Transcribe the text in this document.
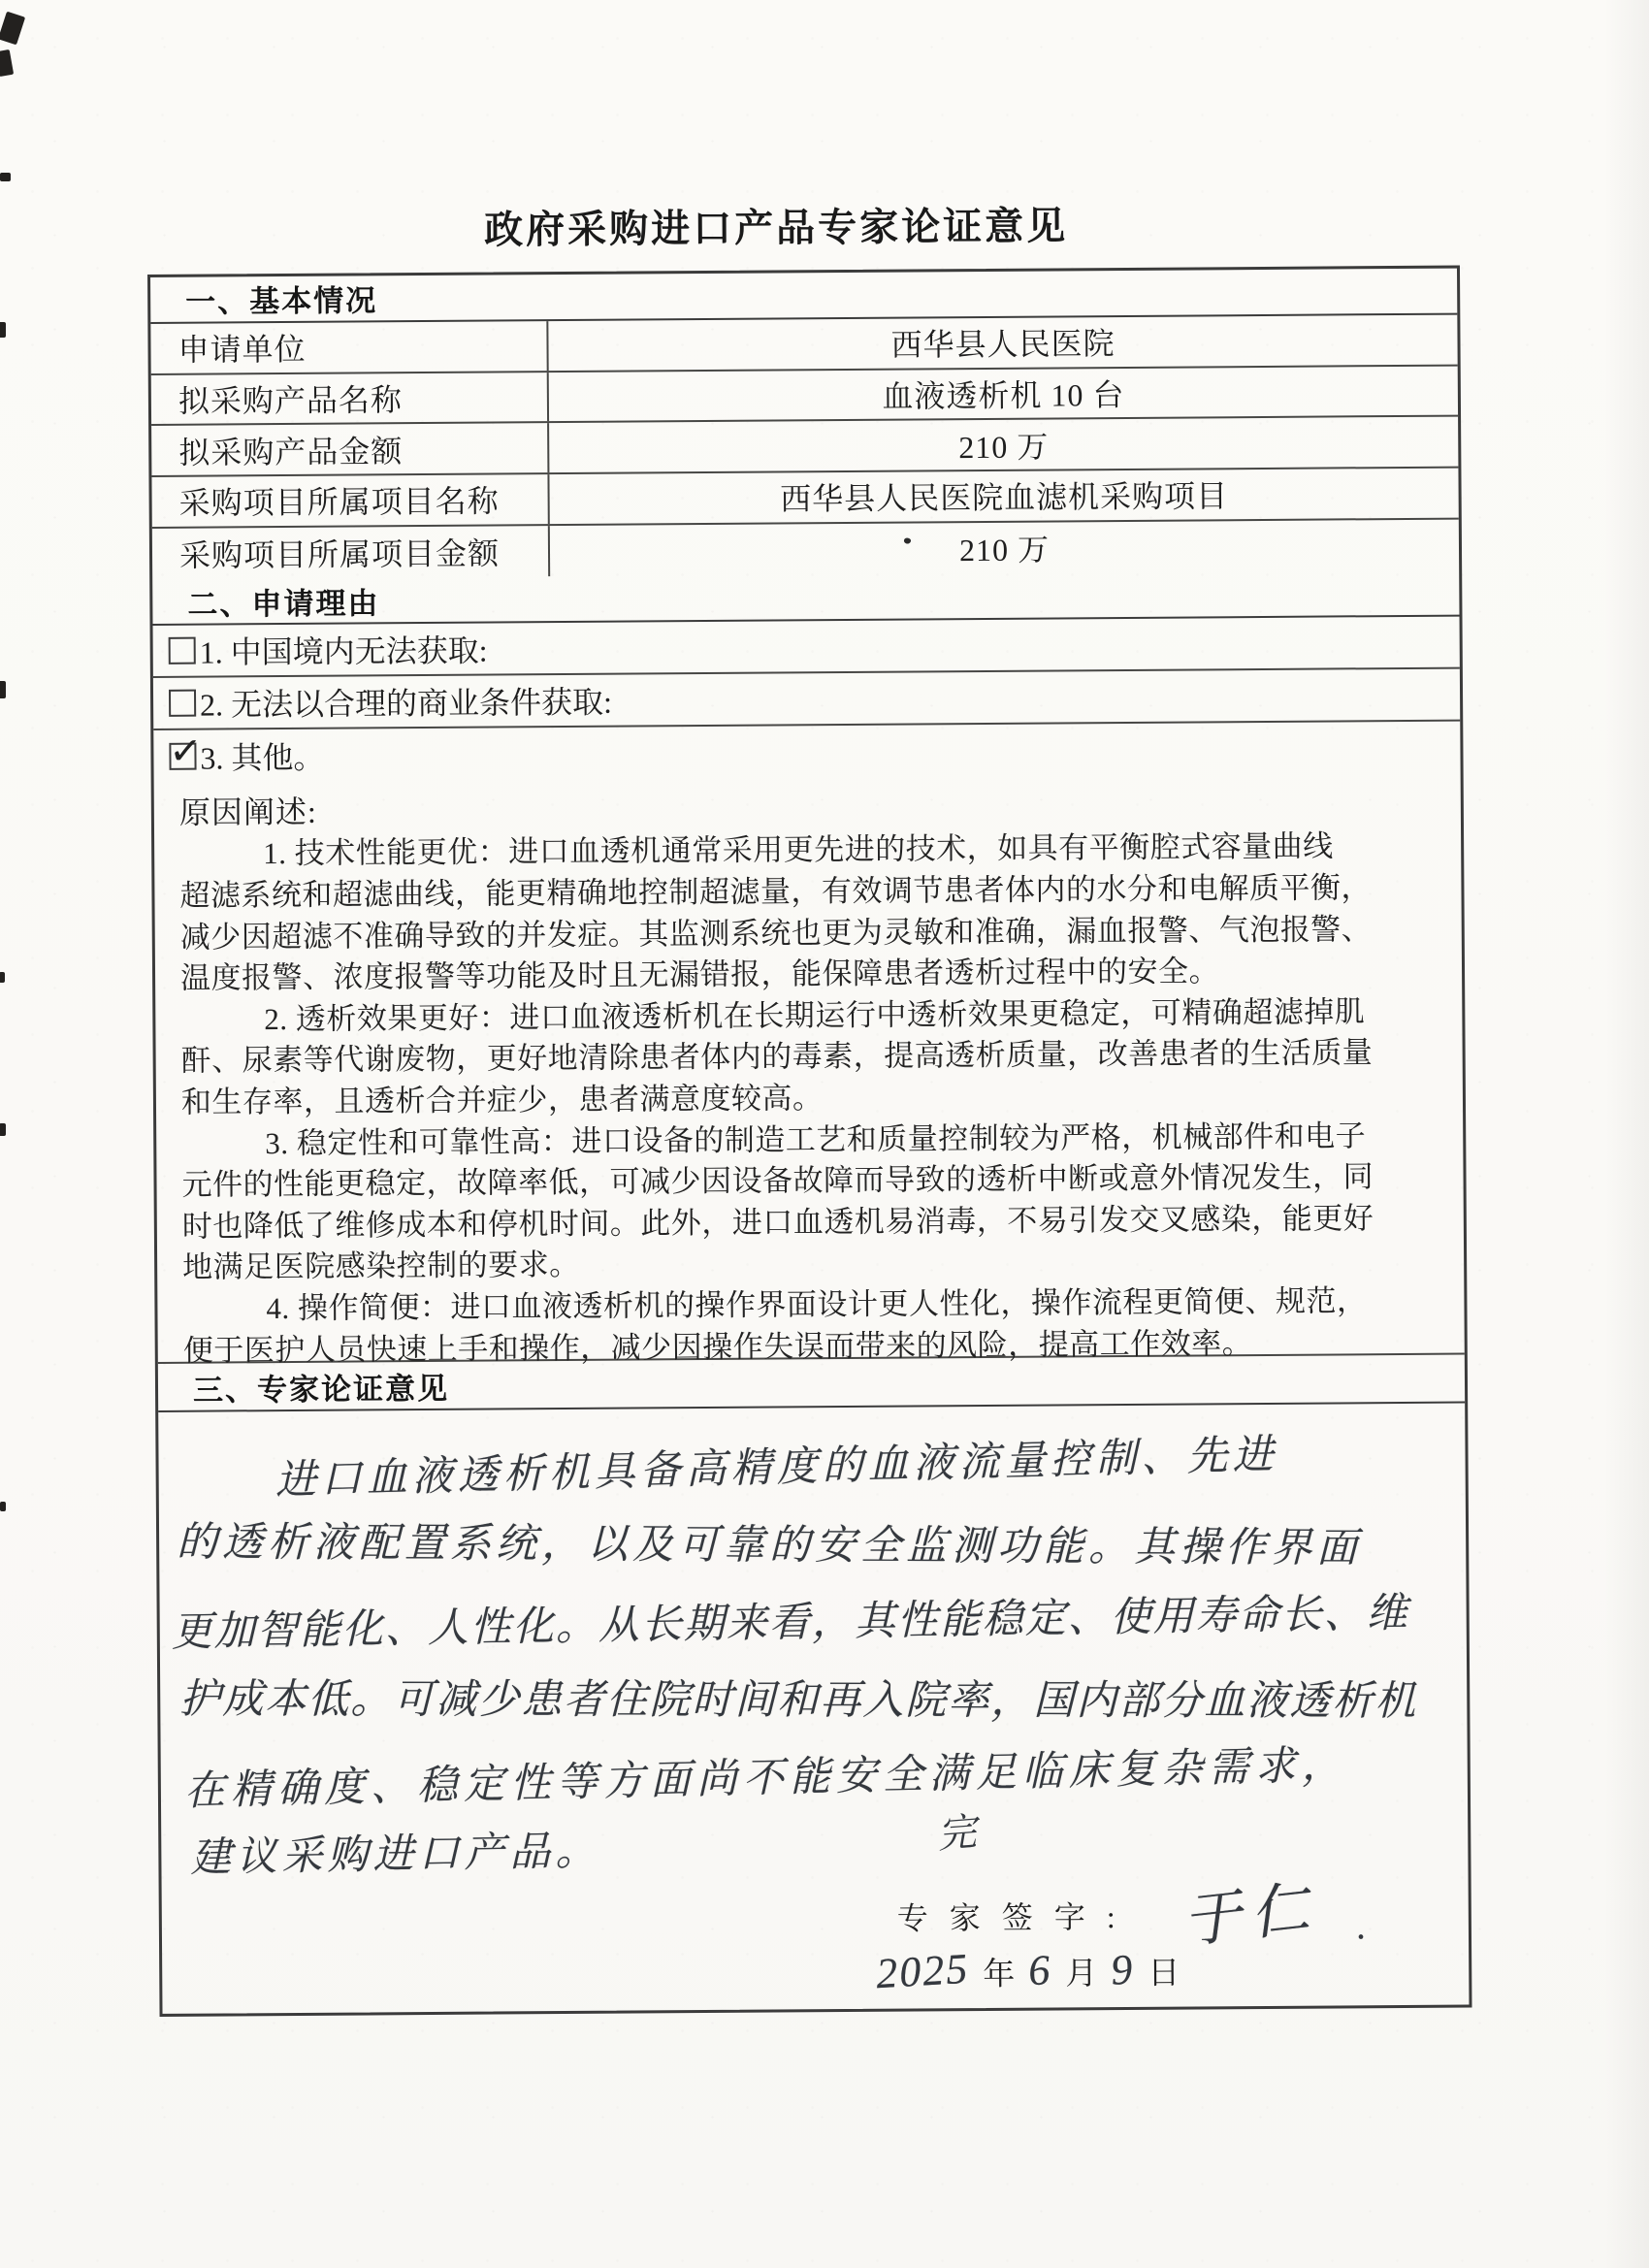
政府采购进口产品专家论证意见
一、基本情况
申请单位	西华县人民医院
拟采购产品名称	血液透析机 10 台
拟采购产品金额	210 万
采购项目所属项目名称	西华县人民医院血滤机采购项目
采购项目所属项目金额	210 万
二、申请理由
1. 中国境内无法获取:
2. 无法以合理的商业条件获取:
✓
3. 其他。
原因阐述:
1. 技术性能更优：进口血透机通常采用更先进的技术，如具有平衡腔式容量曲线
超滤系统和超滤曲线，能更精确地控制超滤量，有效调节患者体内的水分和电解质平衡，
减少因超滤不准确导致的并发症。其监测系统也更为灵敏和准确，漏血报警、气泡报警、
温度报警、浓度报警等功能及时且无漏错报，能保障患者透析过程中的安全。
2. 透析效果更好：进口血液透析机在长期运行中透析效果更稳定，可精确超滤掉肌
酐、尿素等代谢废物，更好地清除患者体内的毒素，提高透析质量，改善患者的生活质量
和生存率，且透析合并症少，患者满意度较高。
3. 稳定性和可靠性高：进口设备的制造工艺和质量控制较为严格，机械部件和电子
元件的性能更稳定，故障率低，可减少因设备故障而导致的透析中断或意外情况发生，同
时也降低了维修成本和停机时间。此外，进口血透机易消毒，不易引发交叉感染，能更好
地满足医院感染控制的要求。
4. 操作简便：进口血液透析机的操作界面设计更人性化，操作流程更简便、规范，
便于医护人员快速上手和操作，减少因操作失误而带来的风险，提高工作效率。
三、专家论证意见
进口血液透析机具备高精度的血液流量控制、先进
的透析液配置系统，以及可靠的安全监测功能。其操作界面
更加智能化、人性化。从长期来看，其性能稳定、使用寿命长、维
护成本低。可减少患者住院时间和再入院率，国内部分血液透析机
在精确度、稳定性等方面尚不能安全满足临床复杂需求，
建议采购进口产品。	完
专家签字: 于仁 .
2025 年 6 月 9 日
